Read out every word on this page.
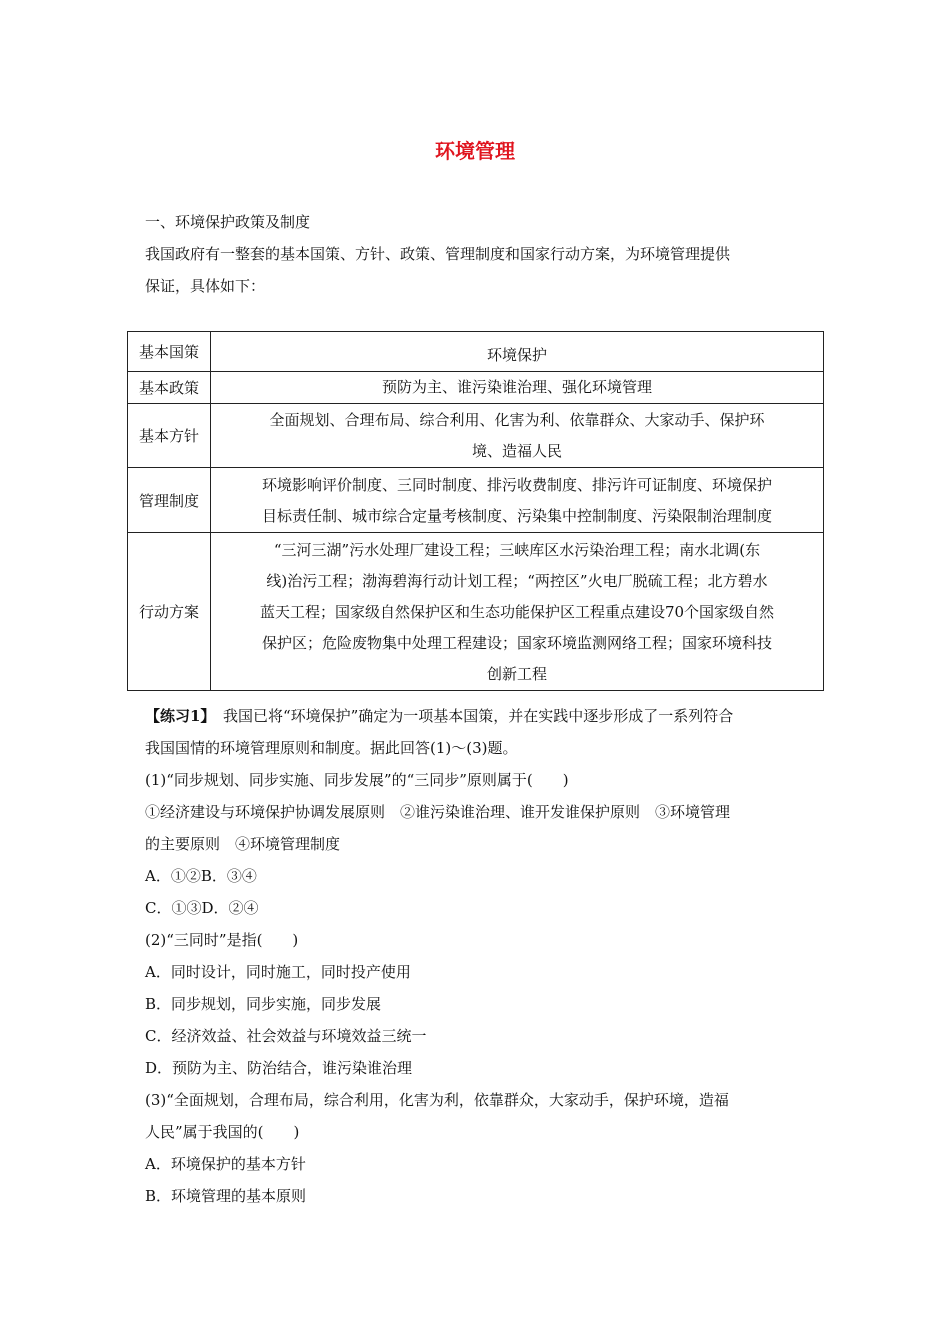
环境管理

一、环境保护政策及制度

我国政府有一整套的基本国策、方针、政策、管理制度和国家行动方案，为环境管理提供

保证，具体如下：

基本国策	环境保护

基本政策	预防为主、谁污染谁治理、强化环境管理

基本方针	全面规划、合理布局、综合利用、化害为利、依靠群众、大家动手、保护环
境、造福人民

管理制度	环境影响评价制度、三同时制度、排污收费制度、排污许可证制度、环境保护
目标责任制、城市综合定量考核制度、污染集中控制制度、污染限制治理制度

行动方案	“三河三湖”污水处理厂建设工程；三峡库区水污染治理工程；南水北调(东
线)治污工程；渤海碧海行动计划工程；“两控区”火电厂脱硫工程；北方碧水
蓝天工程；国家级自然保护区和生态功能保护区工程重点建设70个国家级自然
保护区；危险废物集中处理工程建设；国家环境监测网络工程；国家环境科技
创新工程

【练习1】　 我国已将“环境保护”确定为一项基本国策，并在实践中逐步形成了一系列符合

我国国情的环境管理原则和制度。据此回答(1)～(3)题。

(1)“同步规划、同步实施、同步发展”的“三同步”原则属于(　　)

①经济建设与环境保护协调发展原则　②谁污染谁治理、谁开发谁保护原则　③环境管理

的主要原则　④环境管理制度

A．①②B．③④

C．①③D．②④

(2)“三同时”是指(　　)

A．同时设计，同时施工，同时投产使用

B．同步规划，同步实施，同步发展

C．经济效益、社会效益与环境效益三统一

D．预防为主、防治结合，谁污染谁治理

(3)“全面规划，合理布局，综合利用，化害为利，依靠群众，大家动手，保护环境，造福

人民”属于我国的(　　)

A．环境保护的基本方针

B．环境管理的基本原则
